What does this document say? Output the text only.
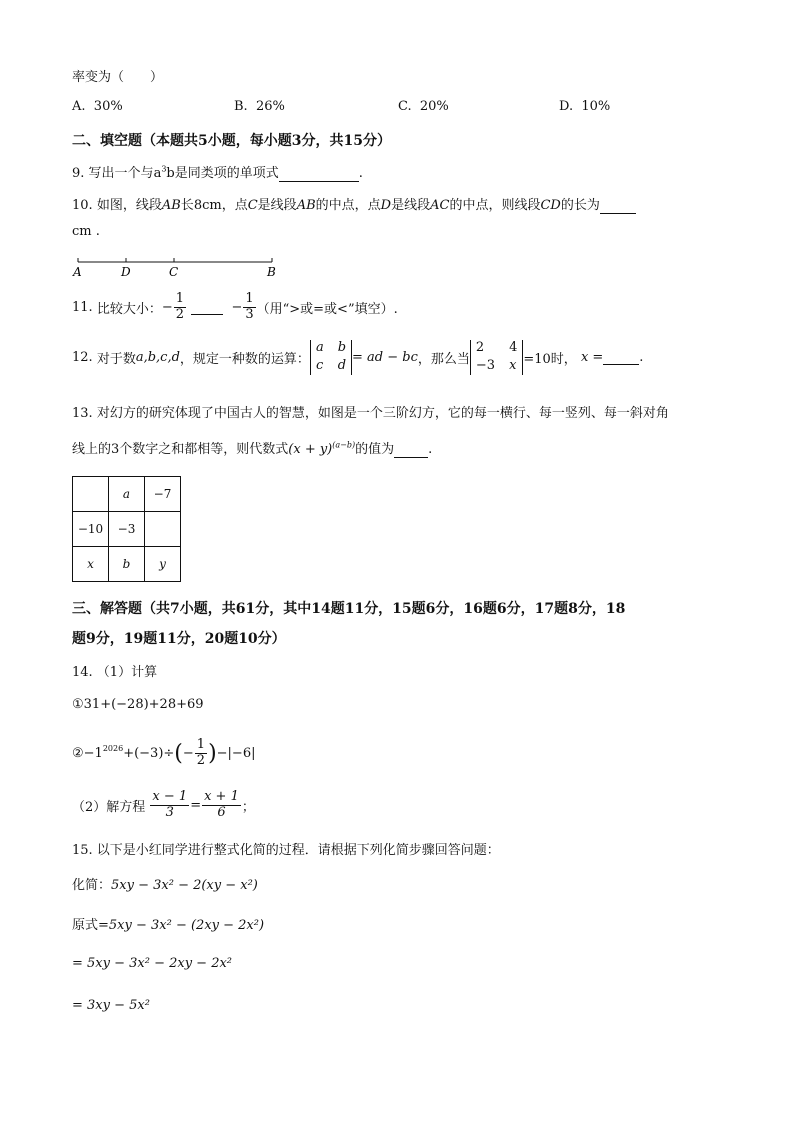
率变为（　　）
A. 30%	B. 26%	C. 20%	D. 10%
二、填空题（本题共5小题，每小题3分，共15分）
9. 写出一个与$a^3b$是同类项的单项式	.
10. 如图，线段AB长8cm，点C是线段AB的中点，点D是线段AC的中点，则线段CD的长为
cm .
A	D	C	B
11.
比较大小： − $\frac{1}{2}$

	− $\frac{1}{3}$ （用“>或=或<”填空）.
12.
对于数 a,b,c,d ，规定一种数的运算：
a b
c d
= ad − bc ，那么当
2	4
−3 x =10时，
x =
	.
13. 对幻方的研究体现了中国古人的智慧，如图是一个三阶幻方，它的每一横行、每一竖列、每一斜对角
线上的3个数字之和都相等，则代数式$(x + y)^{(a-b)}$的值为	.
	a	−7
−10	−3	
x	b	y
三、解答题（共7小题，共61分，其中14题11分，15题6分，16题6分，17题8分，18
题9分，19题11分，20题10分）
14. （1）计算
①31+(−28)+28+69
$②-1^{2026} +(-3)\div$ ( − $\frac{1}{2}$ ) −|−6|
（2）解方程
$\frac{x - 1}{3} = \frac{x + 1}{6}$ ；
15. 以下是小红同学进行整式化简的过程．请根据下列化简步骤回答问题：
化简：5xy − 3x² − 2(xy − x²)
原式=5xy − 3x² − (2xy − 2x²)
= 5xy − 3x² − 2xy − 2x²
= 3xy − 5x²
